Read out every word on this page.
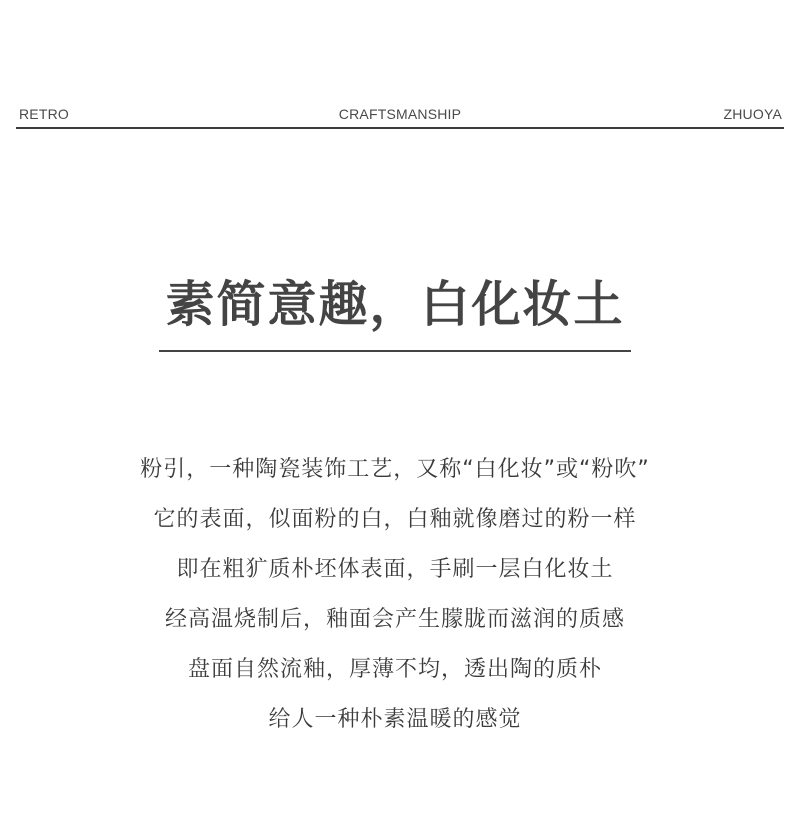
RETRO	CRAFTSMANSHIP	ZHUOYA
素简意趣，白化妆土
粉引，一种陶瓷装饰工艺，又称“白化妆”或“粉吹”
它的表面，似面粉的白，白釉就像磨过的粉一样
即在粗犷质朴坯体表面，手刷一层白化妆土
经高温烧制后，釉面会产生朦胧而滋润的质感
盘面自然流釉，厚薄不均，透出陶的质朴
给人一种朴素温暖的感觉
